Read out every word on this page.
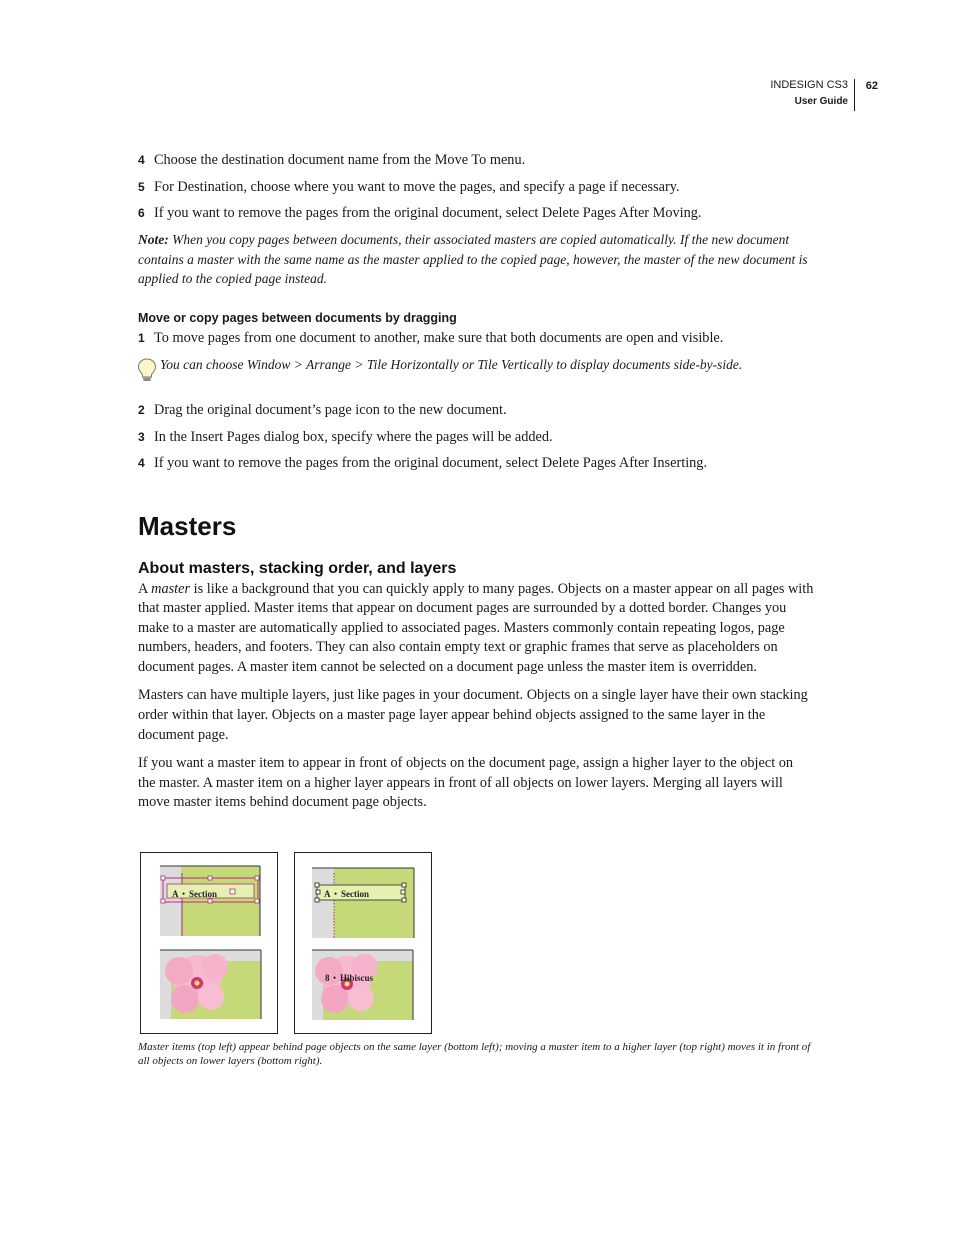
INDESIGN CS3
User Guide
62
4 Choose the destination document name from the Move To menu.
5 For Destination, choose where you want to move the pages, and specify a page if necessary.
6 If you want to remove the pages from the original document, select Delete Pages After Moving.

Note: When you copy pages between documents, their associated masters are copied automatically. If the new document contains a master with the same name as the master applied to the copied page, however, the master of the new document is applied to the copied page instead.

Move or copy pages between documents by dragging

1 To move pages from one document to another, make sure that both documents are open and visible.
You can choose Window > Arrange > Tile Horizontally or Tile Vertically to display documents side-by-side.
2 Drag the original document’s page icon to the new document.
3 In the Insert Pages dialog box, specify where the pages will be added.
4 If you want to remove the pages from the original document, select Delete Pages After Inserting.
Masters
About masters, stacking order, and layers

A master is like a background that you can quickly apply to many pages. Objects on a master appear on all pages with that master applied. Master items that appear on document pages are surrounded by a dotted border. Changes you make to a master are automatically applied to associated pages. Masters commonly contain repeating logos, page numbers, headers, and footers. They can also contain empty text or graphic frames that serve as placeholders on document pages. A master item cannot be selected on a document page unless the master item is overridden.

Masters can have multiple layers, just like pages in your document. Objects on a single layer have their own stacking order within that layer. Objects on a master page layer appear behind objects assigned to the same layer in the document page.

If you want a master item to appear in front of objects on the document page, assign a higher layer to the object on the master. A master item on a higher layer appears in front of all objects on lower layers. Merging all layers will move master items behind document page objects.

A • Section	A • Section
8 • Hibiscus

Master items (top left) appear behind page objects on the same layer (bottom left); moving a master item to a higher layer (top right) moves it in front of all objects on lower layers (bottom right).
